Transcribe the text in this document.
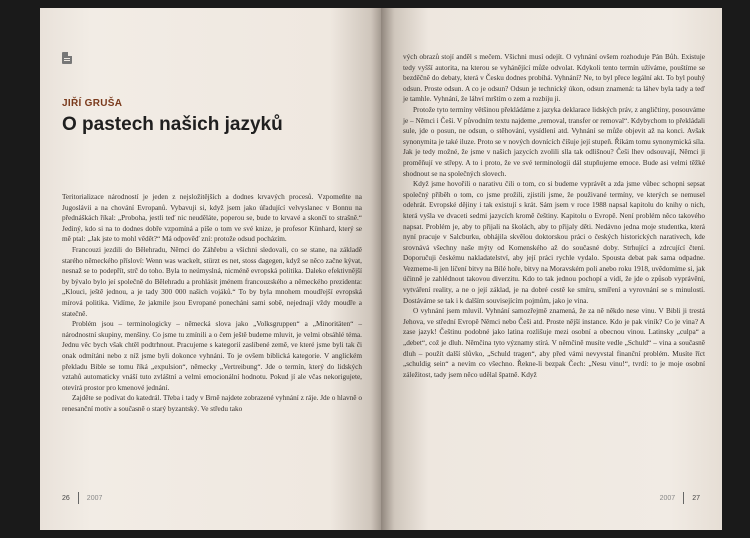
JIŘÍ GRUŠA
O pastech našich jazyků

Teritorializace národností je jeden z nejsložitějších a dodnes krvavých procesů. Vzpomeňte na Jugoslávii a na chování Evropanů. Vybavuji si, když jsem jako úřadující velvyslanec v Bonnu na přednáškách říkal: „Proboha, jestli teď nic neuděláte, poperou se, bude to krvavé a skončí to strašně.“ Jediný, kdo si na to dodnes dobře vzpomíná a píše o tom ve své knize, je profesor Künhard, který se mě ptal: „Jak jste to mohl vědět?“ Má odpověď zní: protože odsud pocházím.

Francouzi jezdili do Bělehradu, Němci do Záhřebu a všichni sledovali, co se stane, na základě starého německého přísloví: Wenn was wackelt, stürzt es net, stoss dagegen, když se něco začne kývat, nesnaž se to podepřít, strč do toho. Byla to neúmyslná, nicméně evropská politika. Dalekо efektivnější by bývalo bylo jeí společně do Bělehradu a prohlásit jménem francouzského a německého prezidenta: „Klouci, ještě jednou, a je tady 300 000 našich vojáků.“ To by byla mnohem moudřejší evropská mírová politika. Vidíme, že jakmile jsou Evropané ponecháni sami sobě, nejednají vždy moudře a statečně.

Problém jsou – terminologicky – německá slova jako „Volksgruppen“ a „Minoritäten“ – národnostní skupiny, menšiny. Co jsme tu zmínili a o čem ještě budeme mluvit, je velmi obsáhlé téma. Jednu věc bych však chtěl podtrhnout. Pracujeme s kategorií zaslíbené země, ve které jsme byli tak či onak odmítáni nebo z níž jsme byli dokonce vyhnáni. To je ovšem biblická kategorie. V anglickém překladu Bible se tomu říká „expulsion“, německy „Vertreibung“. Jde o termín, který do lidských vztahů automaticky vnáší tuto zvláštní a velmi emocionální hodnotu. Pokud jí ale včas nekorigujete, otevírá prostor pro kmenové jednání.

Zajděte se podívat do katedrál. Třeba i tady v Brně najdete zobrazené vyhnání z ráje. Jde o hlavně o renesanční motiv a současně o starý byzantský. Ve středu tako

26 2007

vých obrazů stojí anděl s mečem. Všichni musí odejít. O vyhnání ovšem rozhoduje Pán Bůh. Existuje tedy vyšší autorita, na kterou se vyhánějící může odvolat. Kdykoli tento termín užíváme, pouštíme se bezděčně do debaty, která v Česku dodnes probíhá. Vyhnání? Ne, to byl přece legální akt. To byl pouhý odsun. Proste odsun. A co je odsun? Odsun je technický úkon, odsun znamená: ta láhev byla tady a teď je tamhle. Vyhnání, že láhví mrštím o zem a rozbiju ji.

Protože tyto termíny většinou překládáme z jazyka deklarace lidských práv, z angličtiny, posouváme je – Němci i Češi. V původním textu najdeme „removal, transfer or removal“. Kdybychom to překládali sule, jde o posun, ne odsun, o stěhování, vysídlení atd. Vyhnání se může objevit až na konci. Avšak synonymita je také iluze. Proto se v nových dovnících číšuje její stupeň. Říkám tomu synonymická síla. Jak je tedy možné, že jsme v našich jazycích zvolili slla tak odlišnou? Češi lhev odsouvají, Němci ji proměňují ve střepy. A to i proto, že ve své terminologii dál stupňujeme emoce. Bude asi velmi těžké shodnout se na společných slovech.

Když jsme hovořili o narativu čili o tom, co si budeme vyprávět a zda jsme vůbec schopni sepsat společný příběh o tom, co jsme prožili, zjistili jsme, že použivané termíny, ve kterých se nemusel odehrát. Evropské dějiny i tak existují s krát. Sám jsem v roce 1988 napsal kapitolu do knihy o nich, která vyšla ve dvaceti sedmi jazycích kromě češtiny. Kapitolu o Evropě. Není problém něco takového napsat. Problém je, aby to přijali na školách, aby to přijaly děti. Nedávno jedna moje studentka, která nyní pracuje v Salcburku, obhájila skvělou doktorskou práci o českých historických narativech, kde srovnává všechny naše mýty od Komenského až do současné doby. Strhující a zdrcující čtení. Doporučuji českému nakladatelství, aby její práci rychle vydalo. Spousta debat pak sama odpadne. Vezmeme-li jen líčení bitvy na Bílé hoře, bitvy na Moravském poli anebo roku 1918, uvědomíme si, jak účinně je zahlédnout takovou diverzitu. Kdo to tak jednou pochopí a vidí, že jde o způsob vyprávění, vytváření reality, a ne o její základ, je na dobré cestě ke smíru, smíření a vyrovnání se s minulostí. Dostáváme se tak i k dalším souvisejícím pojmům, jako je vina.

O vyhnání jsem mluvil. Vyhnání samozřejmě znamená, že za ně někdo nese vinu. V Bibli ji trestá Jehova, ve střední Evropě Němci nebo Češi atd. Proste nější instance. Kdo je pak viník? Co je vina? A zase jazyk! Češtinu podobné jako latina rozlišuje mezi osobní a obecnou vinou. Latinsky „culpa“ a „debet“, což je dluh. Němčina tyto významy stírá. V němčině musíte vedle „Schuld“ – vina a současně dluh – použít další slůvko, „Schuld tragen“, aby před vámi nevyvstal finanční problém. Musíte říct „schuldig sein“ a nevím co všechno. Řekne-li bezpak Čech: „Nesu vinu!“, tvrdí: to je moje osobní záležitost, tady jsem něco udělal špatně. Když

2007 27
